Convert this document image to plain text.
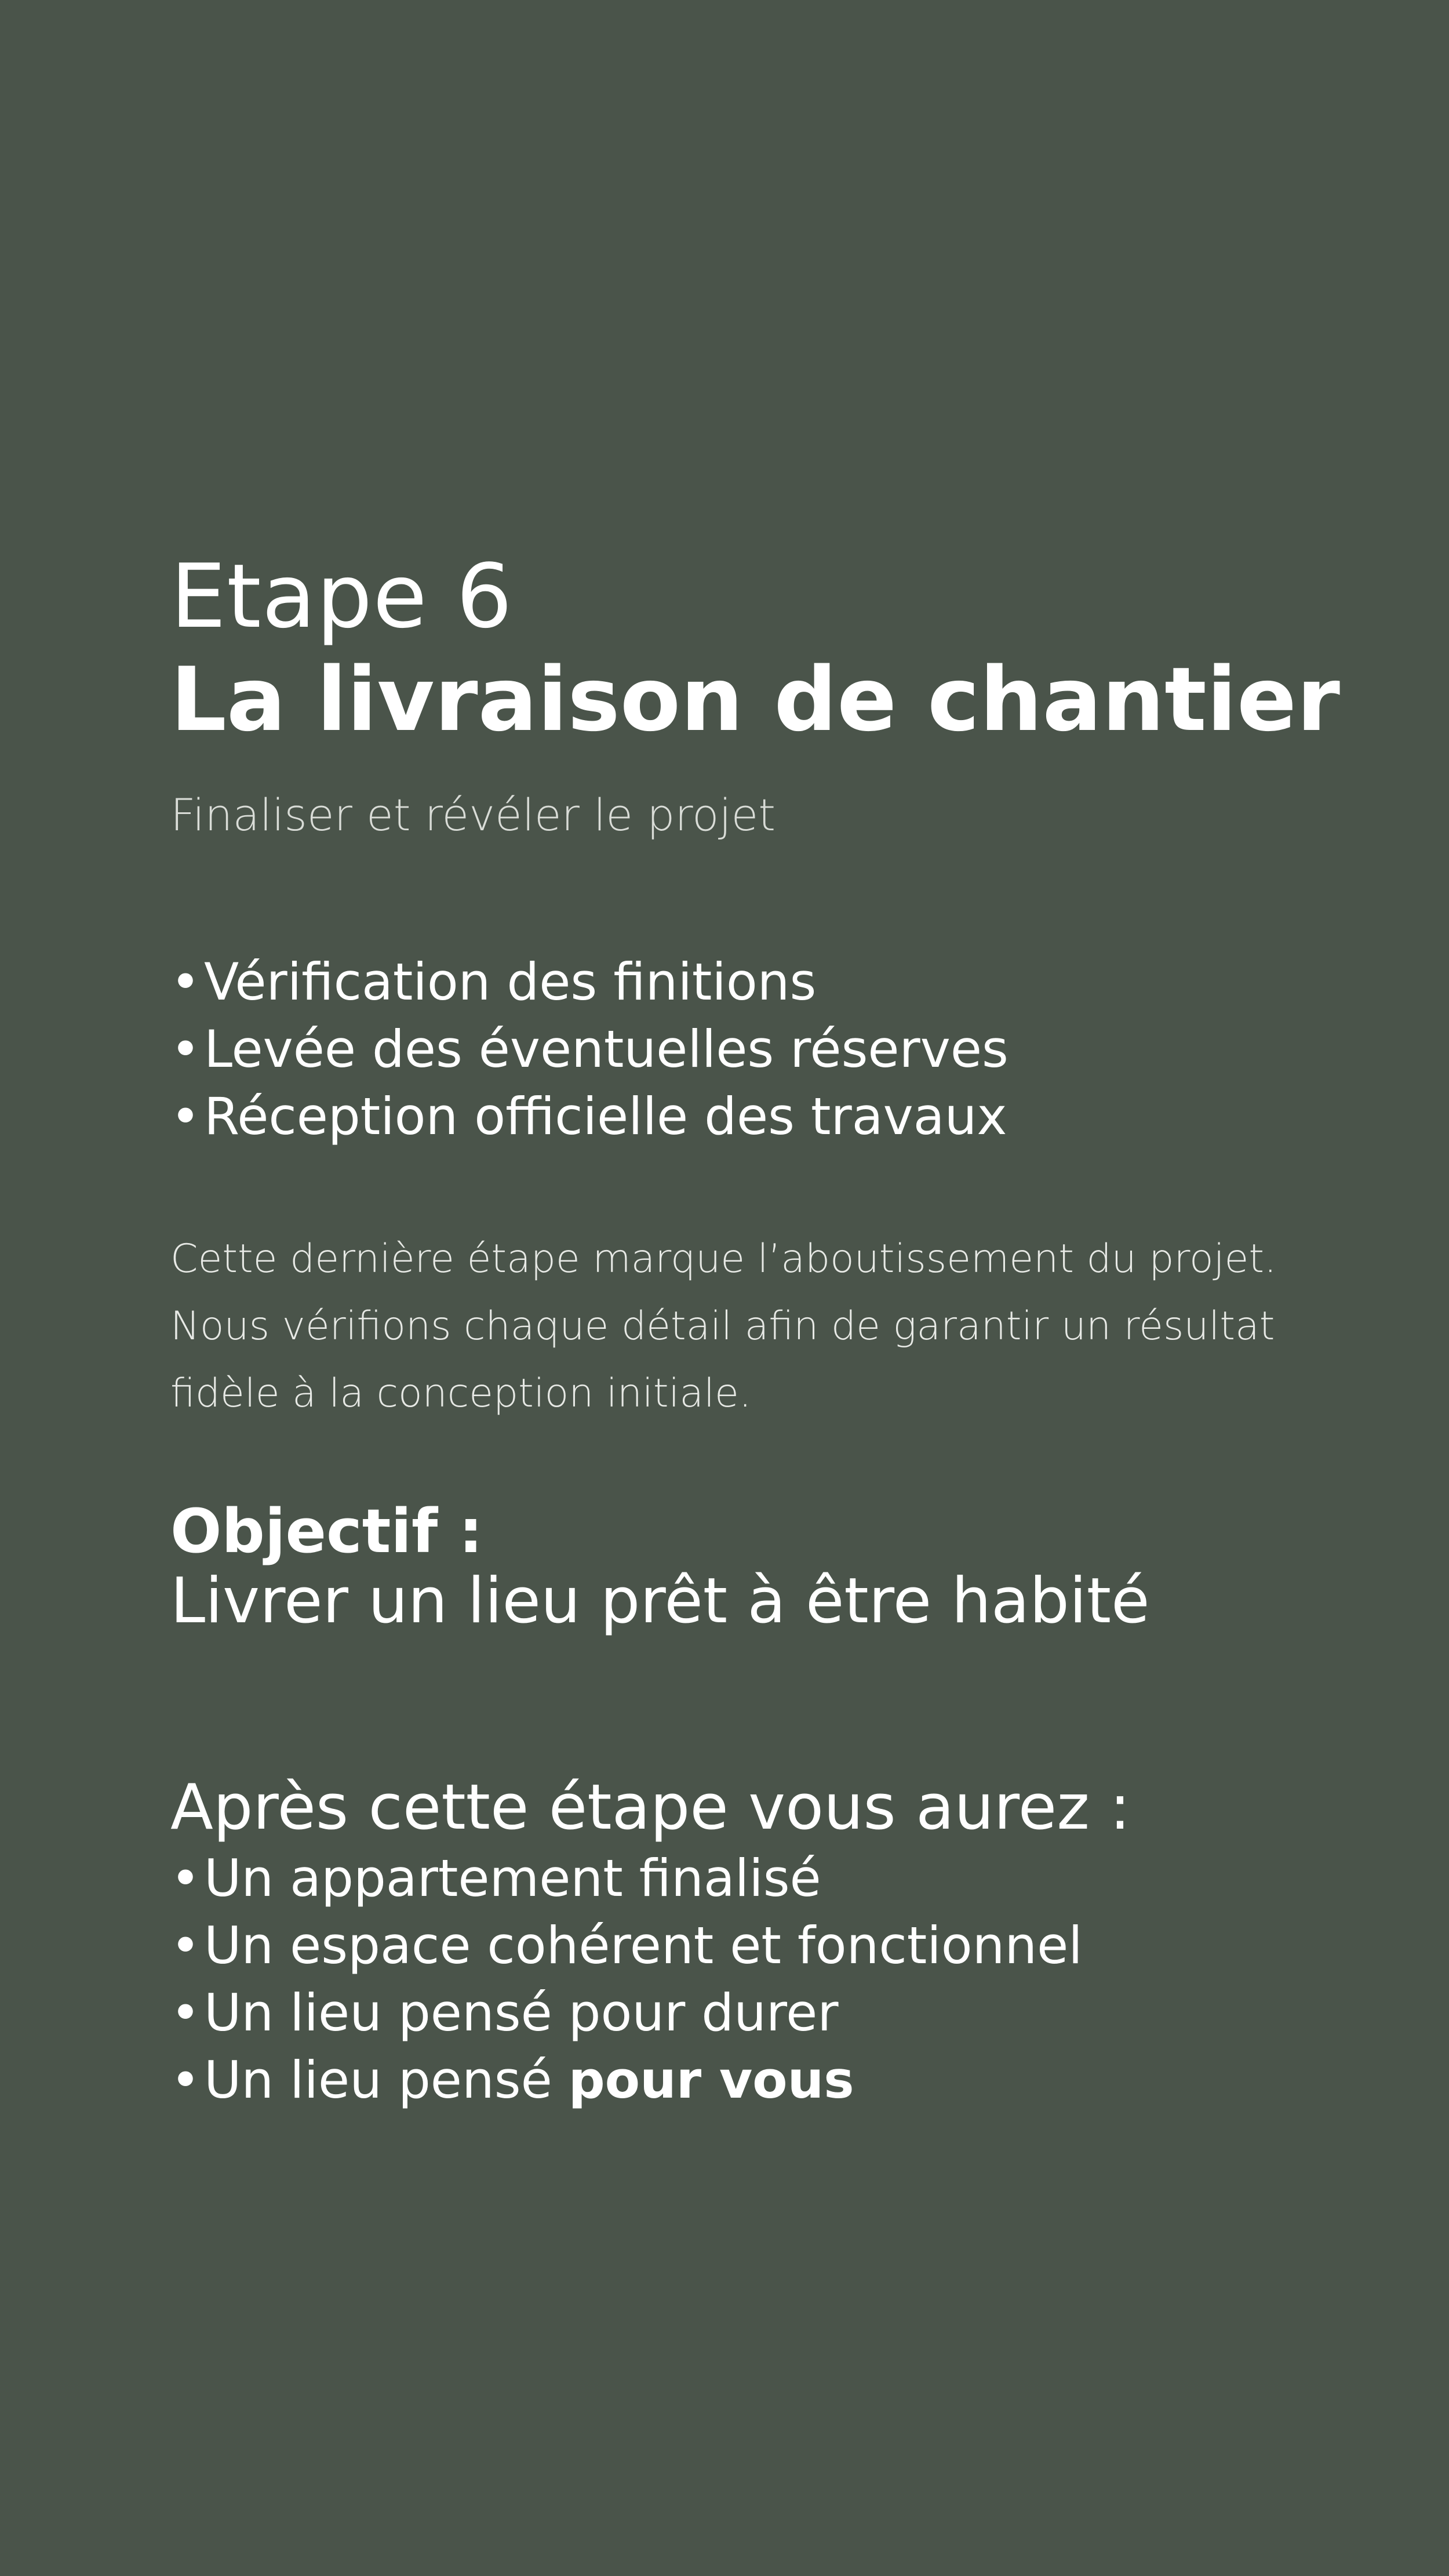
Etape 6
La livraison de chantier
Finaliser et révéler le projet
• Vérification des finitions
• Levée des éventuelles réserves
• Réception officielle des travaux

Cette dernière étape marque l’aboutissement du projet.

Nous vérifions chaque détail afin de garantir un résultat

fidèle à la conception initiale.

Objectif :
Livrer un lieu prêt à être habité
Après cette étape vous aurez :
• Un appartement finalisé
• Un espace cohérent et fonctionnel
• Un lieu pensé pour durer
• Un lieu pensé pour vous
